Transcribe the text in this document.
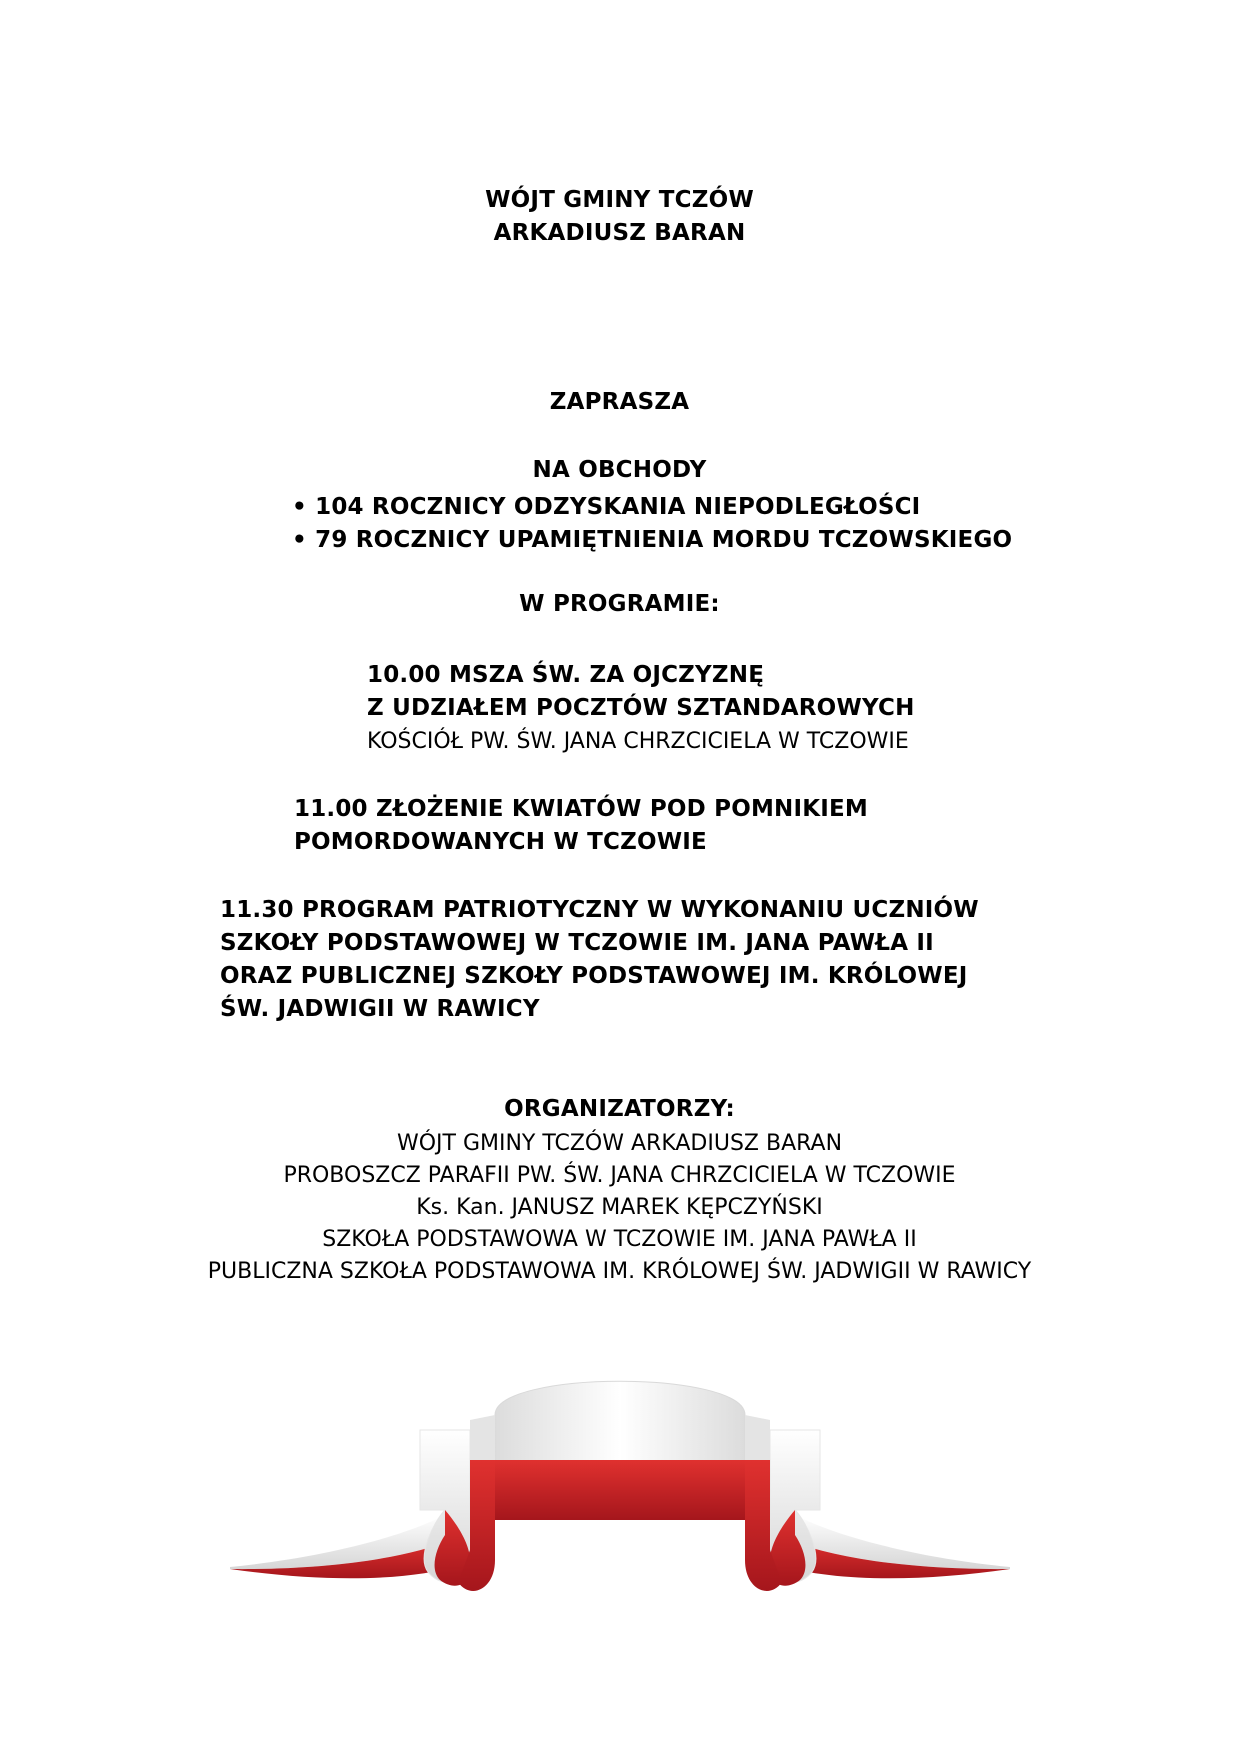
WÓJT GMINY TCZÓW
ARKADIUSZ BARAN
ZAPRASZA
NA OBCHODY
• 104 ROCZNICY ODZYSKANIA NIEPODLEGŁOŚCI
• 79 ROCZNICY UPAMIĘTNIENIA MORDU TCZOWSKIEGO
W PROGRAMIE:
10.00 MSZA ŚW. ZA OJCZYZNĘ
Z UDZIAŁEM POCZTÓW SZTANDAROWYCH
KOŚCIÓŁ PW. ŚW. JANA CHRZCICIELA W TCZOWIE
11.00 ZŁOŻENIE KWIATÓW POD POMNIKIEM
POMORDOWANYCH W TCZOWIE
11.30 PROGRAM PATRIOTYCZNY W WYKONANIU UCZNIÓW
SZKOŁY PODSTAWOWEJ W TCZOWIE IM. JANA PAWŁA II
ORAZ PUBLICZNEJ SZKOŁY PODSTAWOWEJ IM. KRÓLOWEJ
ŚW. JADWIGII W RAWICY
ORGANIZATORZY:
WÓJT GMINY TCZÓW ARKADIUSZ BARAN
PROBOSZCZ PARAFII PW. ŚW. JANA CHRZCICIELA W TCZOWIE
Ks. Kan. JANUSZ MAREK KĘPCZYŃSKI
SZKOŁA PODSTAWOWA W TCZOWIE IM. JANA PAWŁA II
PUBLICZNA SZKOŁA PODSTAWOWA IM. KRÓLOWEJ ŚW. JADWIGII W RAWICY
